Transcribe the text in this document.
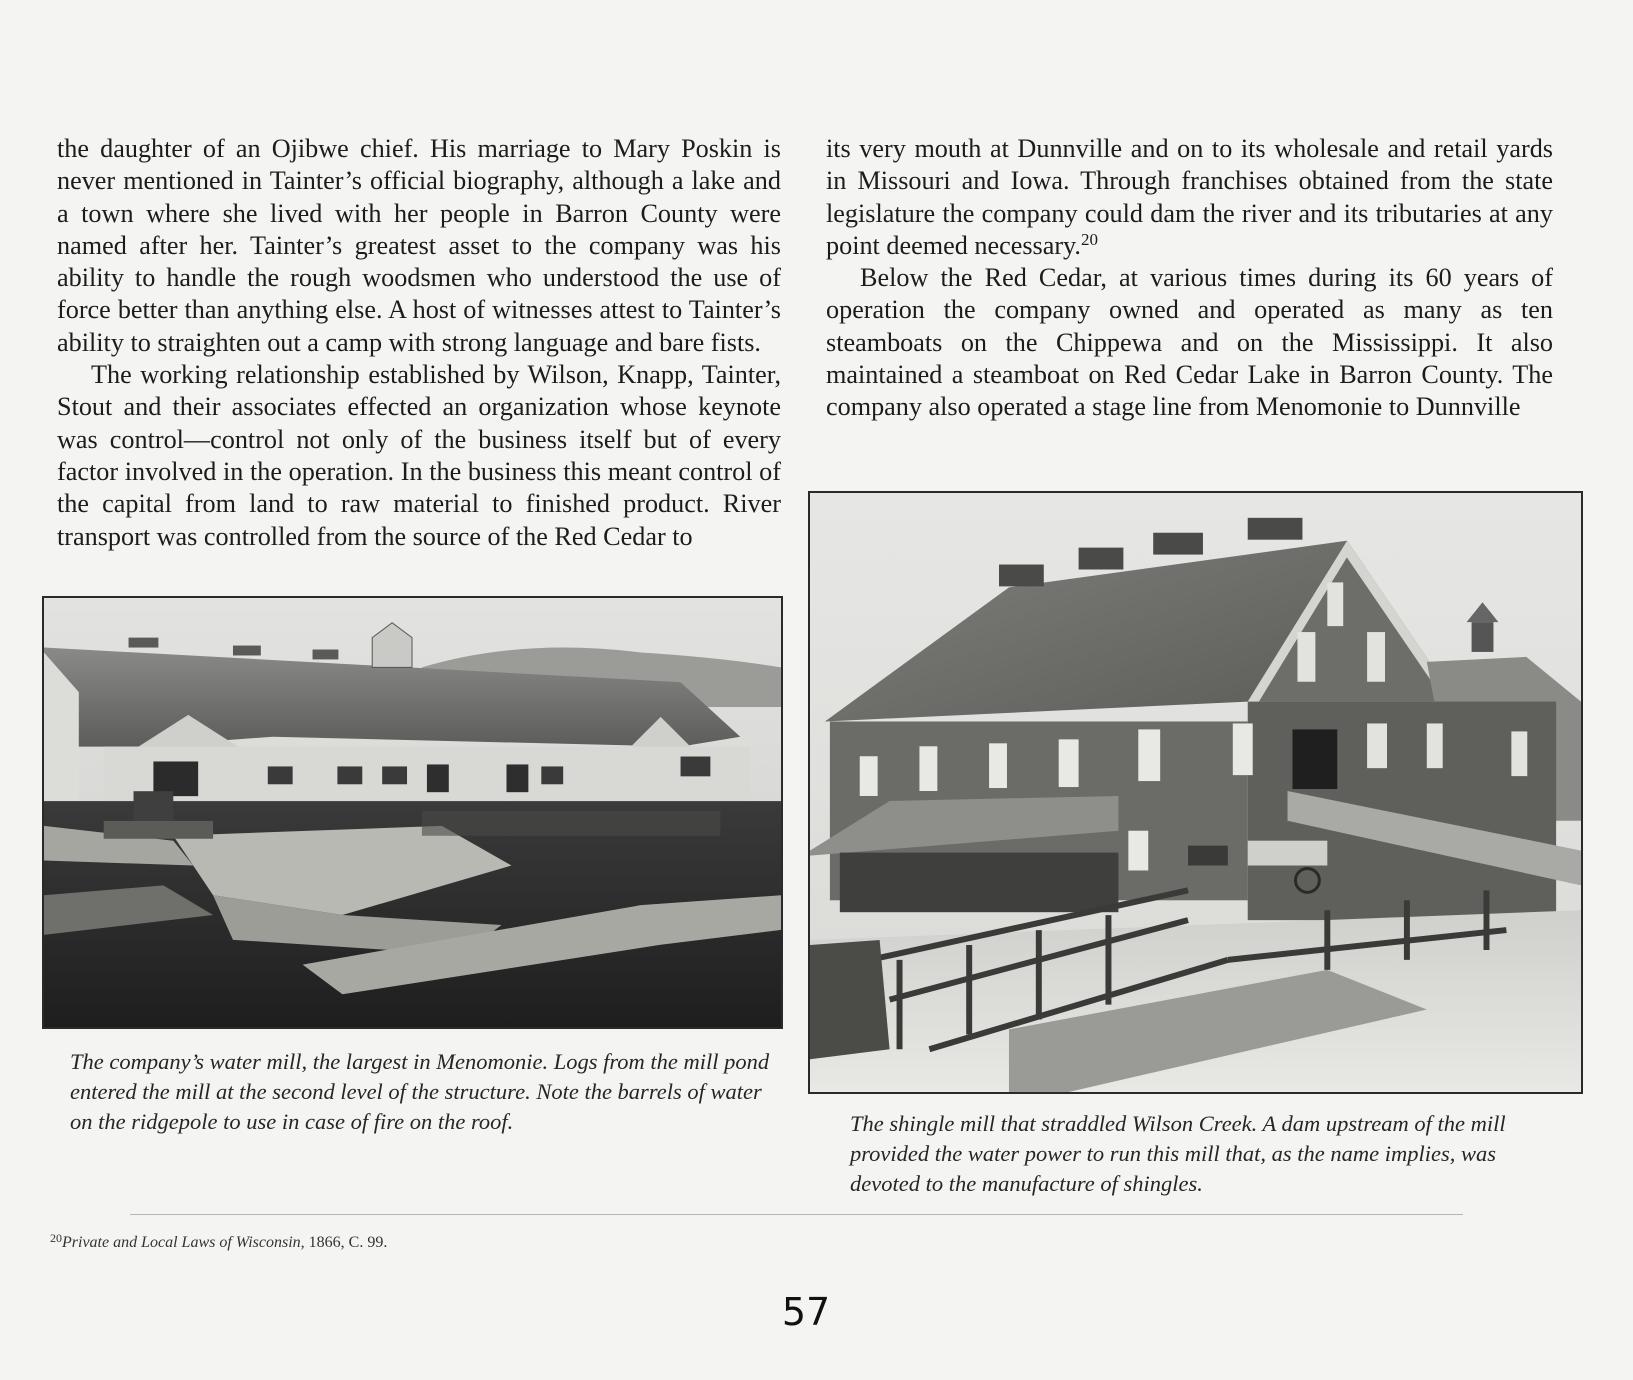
the daughter of an Ojibwe chief. His marriage to Mary Poskin is never mentioned in Tainter’s official biography, although a lake and a town where she lived with her people in Barron County were named after her. Tainter’s greatest asset to the company was his ability to handle the rough woodsmen who understood the use of force better than anything else. A host of witnesses attest to Tainter’s ability to straighten out a camp with strong language and bare fists.

The working relationship established by Wilson, Knapp, Tainter, Stout and their associates effected an organization whose keynote was control—control not only of the business itself but of every factor involved in the operation. In the business this meant control of the capital from land to raw material to finished product. River transport was controlled from the source of the Red Cedar to

its very mouth at Dunnville and on to its wholesale and retail yards in Missouri and Iowa. Through franchises obtained from the state legislature the company could dam the river and its tributaries at any point deemed necessary.$^{20}$

Below the Red Cedar, at various times during its 60 years of operation the company owned and operated as many as ten steamboats on the Chippewa and on the Mississippi. It also maintained a steamboat on Red Cedar Lake in Barron County. The company also operated a stage line from Menomonie to Dunnville

The company’s water mill, the largest in Menomonie. Logs from the mill pond entered the mill at the second level of the structure. Note the barrels of water on the ridgepole to use in case of fire on the roof.	The shingle mill that straddled Wilson Creek. A dam upstream of the mill provided the water power to run this mill that, as the name implies, was devoted to the manufacture of shingles.
$^{20}$Private and Local Laws of Wisconsin, 1866, C. 99.
57
